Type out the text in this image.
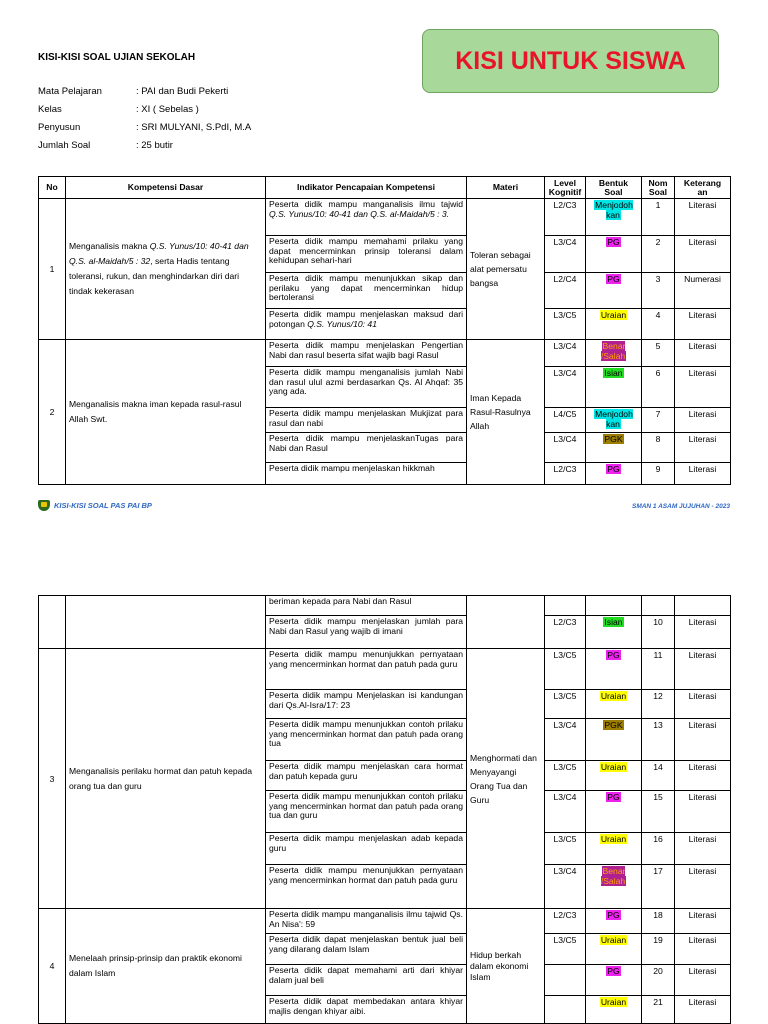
KISI-KISI SOAL UJIAN SEKOLAH	KISI UNTUK SISWA
Mata Pelajaran	: PAI dan Budi Pekerti
Kelas	: XI ( Sebelas )
Penyusun	: SRI MULYANI, S.PdI, M.A
Jumlah Soal	: 25 butir
No	Kompetensi Dasar	Indikator Pencapaian Kompetensi	Materi	Level Kognitif	Bentuk Soal	Nom Soal	Keterang an
1	Menganalisis makna Q.S. Yunus/10: 40-41 dan Q.S. al-Maidah/5 : 32, serta Hadis tentang toleransi, rukun, dan menghindarkan diri dari tindak kekerasan	Peserta didik mampu manganalisis ilmu tajwid Q.S. Yunus/10: 40-41 dan Q.S. al-Maidah/5 : 3.	Toleran sebagai alat pemersatu bangsa	L2/C3	Menjodoh kan	1	Literasi
		Peserta didik mampu memahami prilaku yang dapat mencerminkan prinsip toleransi dalam kehidupan sehari-hari		L3/C4	PG	2	Literasi
		Peserta didik mampu menunjukkan sikap dan perilaku yang dapat mencerminkan hidup bertoleransi		L2/C4	PG	3	Numerasi
		Peserta didik mampu menjelaskan maksud dari potongan Q.S. Yunus/10: 41		L3/C5	Uraian	4	Literasi
2	Menganalisis makna iman kepada rasul-rasul Allah Swt.	Peserta didik mampu menjelaskan Pengertian Nabi dan rasul beserta sifat wajib bagi Rasul	Iman Kepada Rasul-Rasulnya Allah	L3/C4	Benar /Salah	5	Literasi
		Peserta didik mampu menganalisis jumlah Nabi dan rasul ulul azmi berdasarkan Qs. Al Ahqaf: 35 yang ada.		L3/C4	Isian	6	Literasi
		Peserta didik mampu menjelaskan Mukjizat para rasul dan nabi		L4/C5	Menjodoh kan	7	Literasi
		Peserta didik mampu menjelaskanTugas para Nabi dan Rasul		L3/C4	PGK	8	Literasi
		Peserta didik mampu menjelaskan hikkmah		L2/C3	PG	9	Literasi
KISI-KISI SOAL PAS PAI BP	SMAN 1 ASAM JUJUHAN - 2023
		beriman kepada para Nabi dan Rasul					
		Peserta didik mampu menjelaskan jumlah para Nabi dan Rasul yang wajib di imani		L2/C3	Isian	10	Literasi
3	Menganalisis perilaku hormat dan patuh kepada orang tua dan guru	Peserta didik mampu menunjukkan pernyataan yang mencerminkan hormat dan patuh pada guru	Menghormati dan Menyayangi Orang Tua dan Guru	L3/C5	PG	11	Literasi
		Peserta didik mampu Menjelaskan isi kandungan dari Qs.Al-Isra/17: 23		L3/C5	Uraian	12	Literasi
		Peserta didik mampu menunjukkan contoh prilaku yang mencerminkan hormat dan patuh pada orang tua		L3/C4	PGK	13	Literasi
		Peserta didik mampu menjelaskan cara hormat dan patuh kepada guru		L3/C5	Uraian	14	Literasi
		Peserta didik mampu menunjukkan contoh prilaku yang mencerminkan hormat dan patuh pada orang tua dan guru		L3/C4	PG	15	Literasi
		Peserta didik mampu menjelaskan adab kepada guru		L3/C5	Uraian	16	Literasi
		Peserta didik mampu menunjukkan pernyataan yang mencerminkan hormat dan patuh pada guru		L3/C4	Benar /Salah	17	Literasi
4	Menelaah prinsip-prinsip dan praktik ekonomi dalam Islam	Peserta didik mampu manganalisis ilmu tajwid Qs. An Nisa': 59	Hidup berkah dalam ekonomi Islam	L2/C3	PG	18	Literasi
		Peserta didik dapat menjelaskan bentuk jual beli yang dilarang dalam Islam		L3/C5	Uraian	19	Literasi
		Peserta didik dapat memahami arti dari khiyar dalam jual beli			PG	20	Literasi
		Peserta didik dapat membedakan antara khiyar majlis dengan khiyar aibi.			Uraian	21	Literasi
